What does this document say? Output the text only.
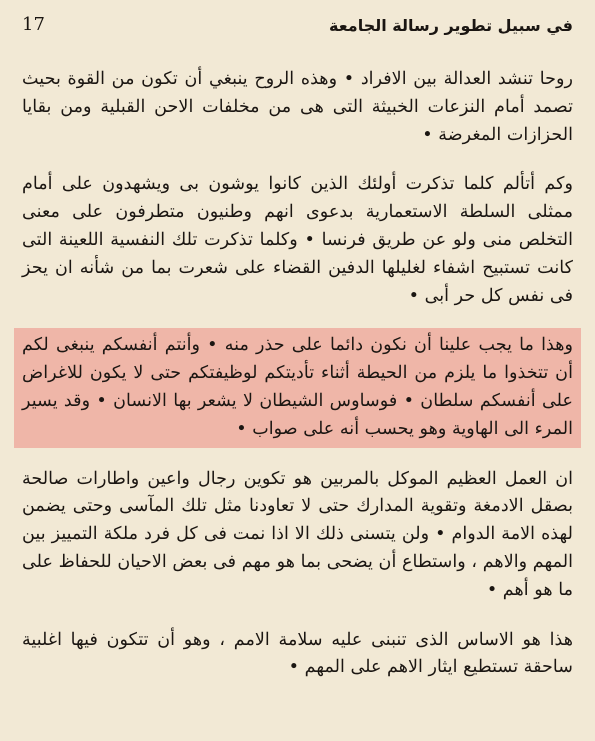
في سبيل تطوير رسالة الجامعة
17

روحا تنشد العدالة بين الافراد • وهذه الروح ينبغي أن تكون من القوة بحيث تصمد أمام النزعات الخبيثة التى هى من مخلفات الاحن القبلية ومن بقايا الحزازات المغرضة •

وكم أتألم كلما تذكرت أولئك الذين كانوا يوشون بى ويشهدون على أمام ممثلى السلطة الاستعمارية بدعوى انهم وطنيون متطرفون على معنى التخلص منى ولو عن طريق فرنسا • وكلما تذكرت تلك النفسية اللعينة التى كانت تستبيح اشفاء لغليلها الدفين القضاء على شعرت بما من شأنه ان يحز فى نفس كل حر أبى •

وهذا ما يجب علينا أن نكون دائما على حذر منه • وأنتم أنفسكم ينبغى لكم أن تتخذوا ما يلزم من الحيطة أثناء تأديتكم لوظيفتكم حتى لا يكون للاغراض على أنفسكم سلطان • فوساوس الشيطان لا يشعر بها الانسان • وقد يسير المرء الى الهاوية وهو يحسب أنه على صواب •

ان العمل العظيم الموكل بالمربين هو تكوين رجال واعين واطارات صالحة بصقل الادمغة وتقوية المدارك حتى لا تعاودنا مثل تلك المآسى وحتى يضمن لهذه الامة الدوام • ولن يتسنى ذلك الا اذا نمت فى كل فرد ملكة التمييز بين المهم والاهم ، واستطاع أن يضحى بما هو مهم فى بعض الاحيان للحفاظ على ما هو أهم •

هذا هو الاساس الذى تنبنى عليه سلامة الامم ، وهو أن تتكون فيها اغلبية ساحقة تستطيع ايثار الاهم على المهم •
